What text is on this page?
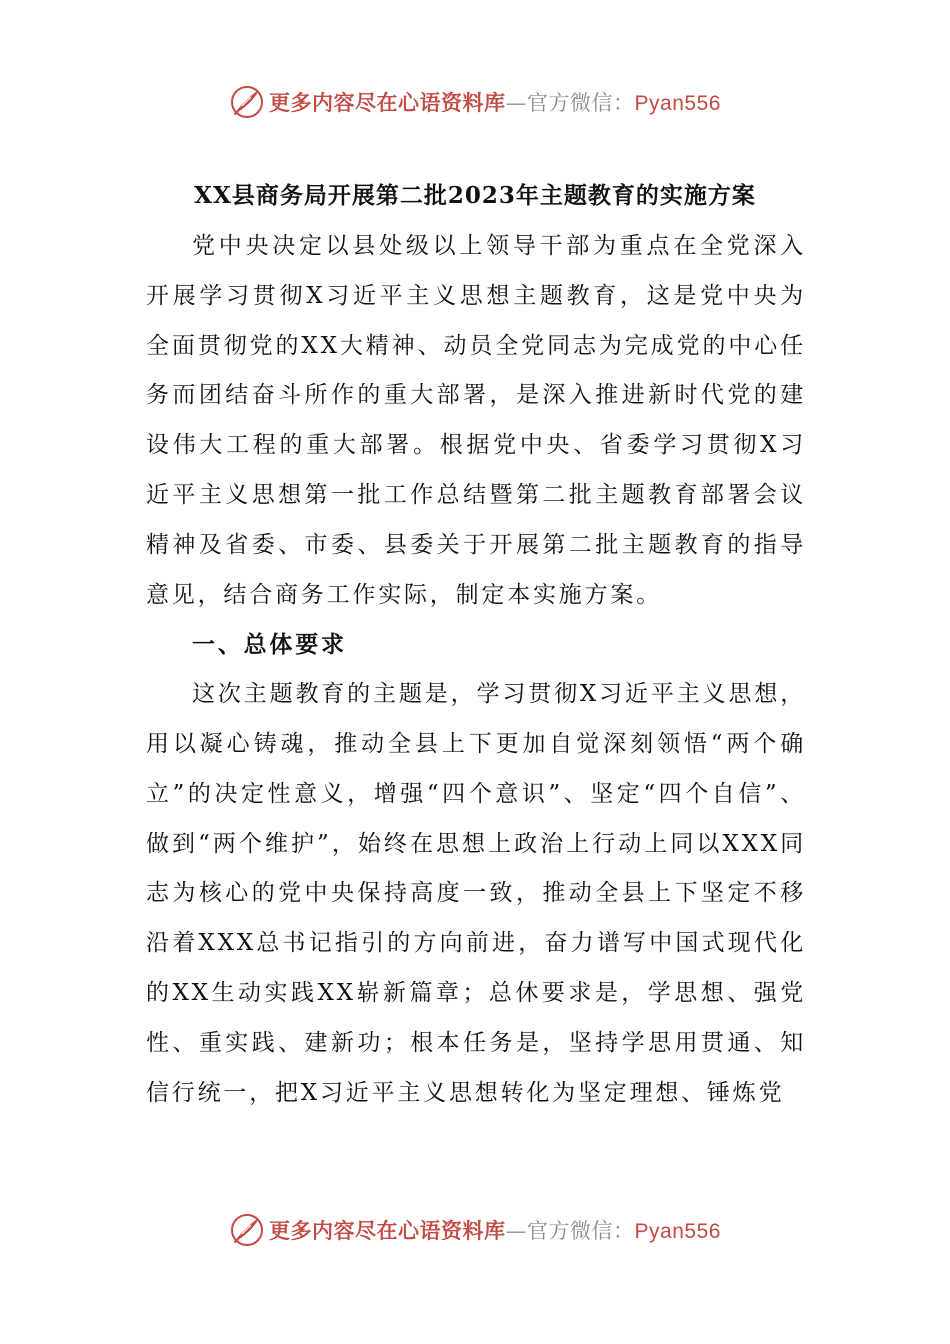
更多内容尽在心语资料库—官方微信：Pyan556
XX县商务局开展第二批2023年主题教育的实施方案

党中央决定以县处级以上领导干部为重点在全党深入开展学习贯彻X习近平主义思想主题教育，这是党中央为全面贯彻党的XX大精神、动员全党同志为完成党的中心任务而团结奋斗所作的重大部署，是深入推进新时代党的建设伟大工程的重大部署。根据党中央、省委学习贯彻X习近平主义思想第一批工作总结暨第二批主题教育部署会议精神及省委、市委、县委关于开展第二批主题教育的指导意见，结合商务工作实际，制定本实施方案。

一、总体要求

这次主题教育的主题是，学习贯彻X习近平主义思想，用以凝心铸魂，推动全县上下更加自觉深刻领悟“两个确立”的决定性意义，增强“四个意识”、坚定“四个自信”、做到“两个维护”，始终在思想上政治上行动上同以XXX同志为核心的党中央保持高度一致，推动全县上下坚定不移沿着XXX总书记指引的方向前进，奋力谱写中国式现代化的XX生动实践XX崭新篇章；总休要求是，学思想、强党性、重实践、建新功；根本任务是，坚持学思用贯通、知信行统一，把X习近平主义思想转化为坚定理想、锤炼党

更多内容尽在心语资料库—官方微信：Pyan556
